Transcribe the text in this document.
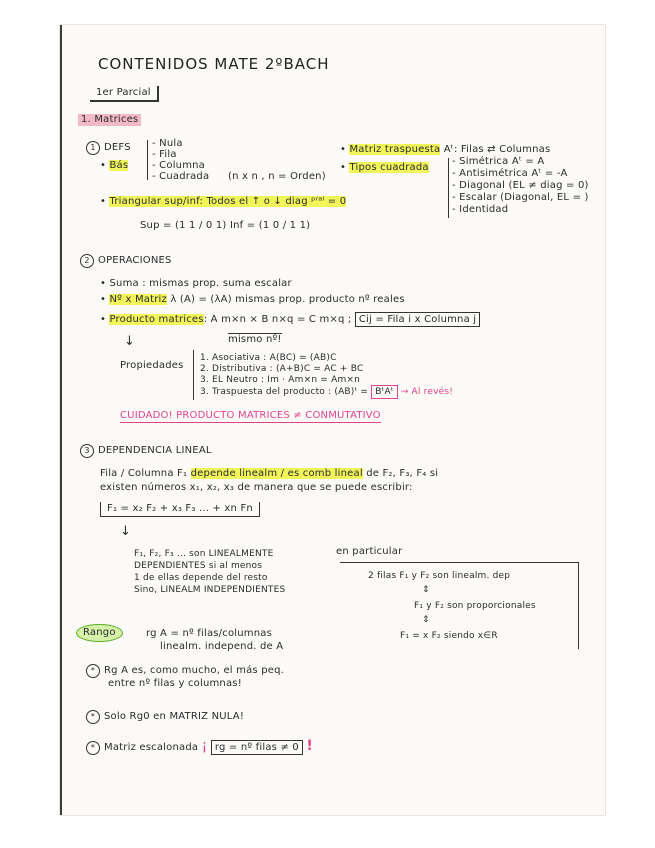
CONTENIDOS MATE 2ºBACH
1er Parcial
1. Matrices
1 DEFS
• Bás
- Nula
- Fila
- Columna
- Cuadrada (n x n , n = Orden)
• Matriz traspuesta Aᵗ: Filas ⇄ Columnas
• Tipos cuadrada
- Simétrica Aᵗ = A
- Antisimétrica Aᵗ = -A
- Diagonal (EL ≠ diag = 0)
- Escalar (Diagonal, EL = )
- Identidad
• Triangular sup/inf: Todos el ↑ o ↓ diag ᵖʳᵃˡ = 0
Sup = (1 1 / 0 1) Inf = (1 0 / 1 1)
2 OPERACIONES
• Suma : mismas prop. suma escalar
• Nº x Matriz λ (A) = (λA) mismas prop. producto nº reales
• Producto matrices: A m×n × B n×q = C m×q ; Cij = Fila i x Columna j
mismo nº!
↓
Propiedades
1. Asociativa : A(BC) = (AB)C
2. Distributiva : (A+B)C = AC + BC
3. EL Neutro : Im · Am×n = Am×n
3. Traspuesta del producto : (AB)ᵗ = BᵗAᵗ → Al revés!
CUIDADO! PRODUCTO MATRICES ≠ CONMUTATIVO
3 DEPENDENCIA LINEAL
Fila / Columna F₁ depende linealm / es comb lineal de F₂, F₃, F₄ si
existen números x₁, x₂, x₃ de manera que se puede escribir:
F₁ = x₂ F₂ + x₃ F₃ ... + xn Fn
↓
F₁, F₂, F₃ ... son LINEALMENTE
DEPENDIENTES si al menos
1 de ellas depende del resto
Sino, LINEALM INDEPENDIENTES
en particular
2 filas F₁ y F₂ son linealm. dep
⇕
F₁ y F₂ son proporcionales
⇕
F₁ = x F₂ siendo x∈R
Rango	rg A = nº filas/columnas
linealm. independ. de A
* Rg A es, como mucho, el más peq.
entre nº filas y columnas!
* Solo Rg0 en MATRIZ NULA!
* Matriz escalonada ¡ rg = nº filas ≠ 0 !
